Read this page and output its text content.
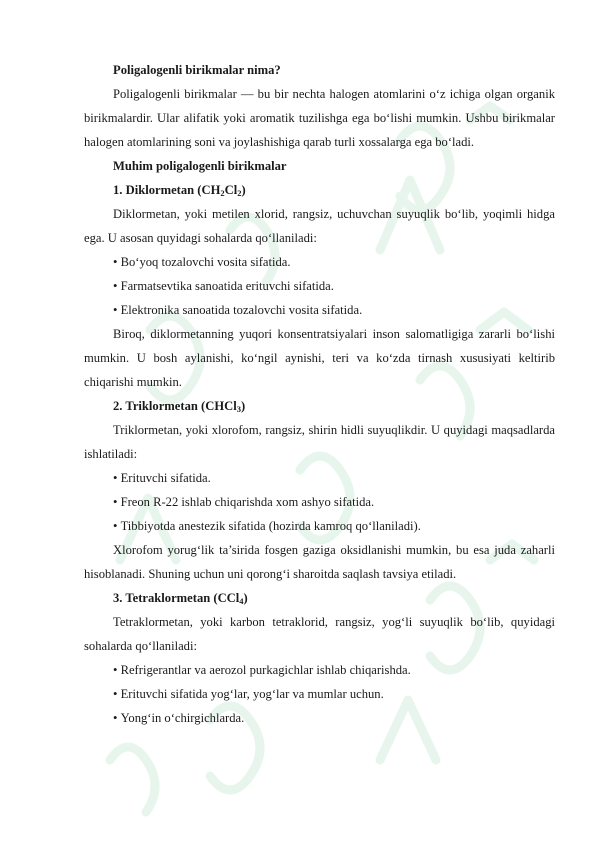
Poligalogenli birikmalar nima?

Poligalogenli birikmalar — bu bir nechta halogen atomlarini o‘z ichiga olgan organik birikmalardir. Ular alifatik yoki aromatik tuzilishga ega bo‘lishi mumkin. Ushbu birikmalar halogen atomlarining soni va joylashishiga qarab turli xossalarga ega bo‘ladi.

Muhim poligalogenli birikmalar

1. Diklormetan $(CH_2Cl_2)$

Diklormetan, yoki metilen xlorid, rangsiz, uchuvchan suyuqlik bo‘lib, yoqimli hidga ega. U asosan quyidagi sohalarda qo‘llaniladi:

• Bo‘yoq tozalovchi vosita sifatida.

• Farmatsevtika sanoatida erituvchi sifatida.

• Elektronika sanoatida tozalovchi vosita sifatida.

Biroq, diklormetanning yuqori konsentratsiyalari inson salomatligiga zararli bo‘lishi mumkin. U bosh aylanishi, ko‘ngil aynishi, teri va ko‘zda tirnash xususiyati keltirib chiqarishi mumkin.

2. Triklormetan (CHCl$_3$)

Triklormetan, yoki xlorofom, rangsiz, shirin hidli suyuqlikdir. U quyidagi maqsadlarda ishlatiladi:

• Erituvchi sifatida.

• Freon R-22 ishlab chiqarishda xom ashyo sifatida.

• Tibbiyotda anestezik sifatida (hozirda kamroq qo‘llaniladi).

Xlorofom yorug‘lik ta’sirida fosgen gaziga oksidlanishi mumkin, bu esa juda zaharli hisoblanadi. Shuning uchun uni qorong‘i sharoitda saqlash tavsiya etiladi.

3. Tetraklormetan (CCl$_4$)

Tetraklormetan, yoki karbon tetraklorid, rangsiz, yog‘li suyuqlik bo‘lib, quyidagi sohalarda qo‘llaniladi:

• Refrigerantlar va aerozol purkagichlar ishlab chiqarishda.

• Erituvchi sifatida yog‘lar, yog‘lar va mumlar uchun.

• Yong‘in o‘chirgichlarda.
